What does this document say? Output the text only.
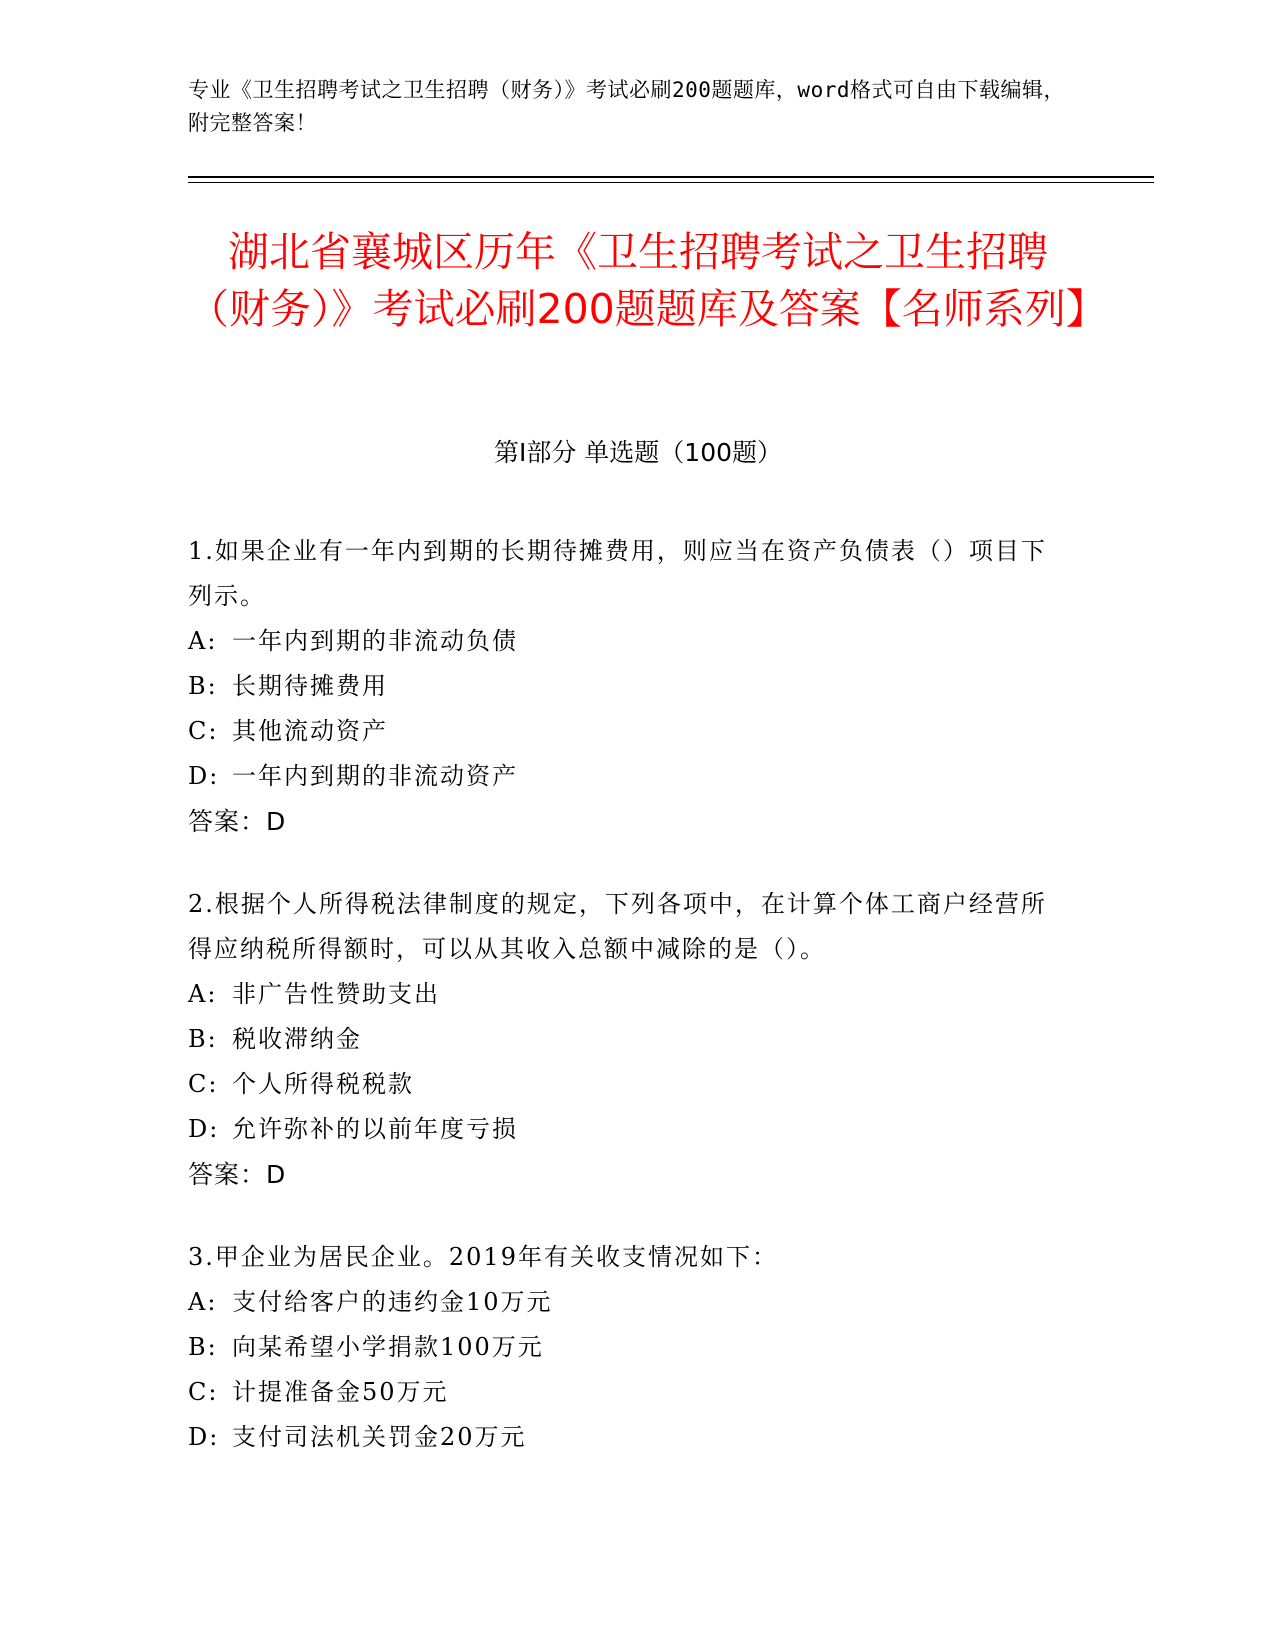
专业《卫生招聘考试之卫生招聘（财务）》考试必刷200题题库，word格式可自由下载编辑，附完整答案！
湖北省襄城区历年《卫生招聘考试之卫生招聘（财务）》考试必刷200题题库及答案【名师系列】
第Ⅰ部分 单选题（100题）
1.如果企业有一年内到期的长期待摊费用，则应当在资产负债表（）项目下列示。
A: 一年内到期的非流动负债
B: 长期待摊费用
C: 其他流动资产
D: 一年内到期的非流动资产
答案：D
2.根据个人所得税法律制度的规定，下列各项中，在计算个体工商户经营所得应纳税所得额时，可以从其收入总额中减除的是（）。
A: 非广告性赞助支出
B: 税收滞纳金
C: 个人所得税税款
D: 允许弥补的以前年度亏损
答案：D
3.甲企业为居民企业。2019年有关收支情况如下：
A: 支付给客户的违约金10万元
B: 向某希望小学捐款100万元
C: 计提准备金50万元
D: 支付司法机关罚金20万元
